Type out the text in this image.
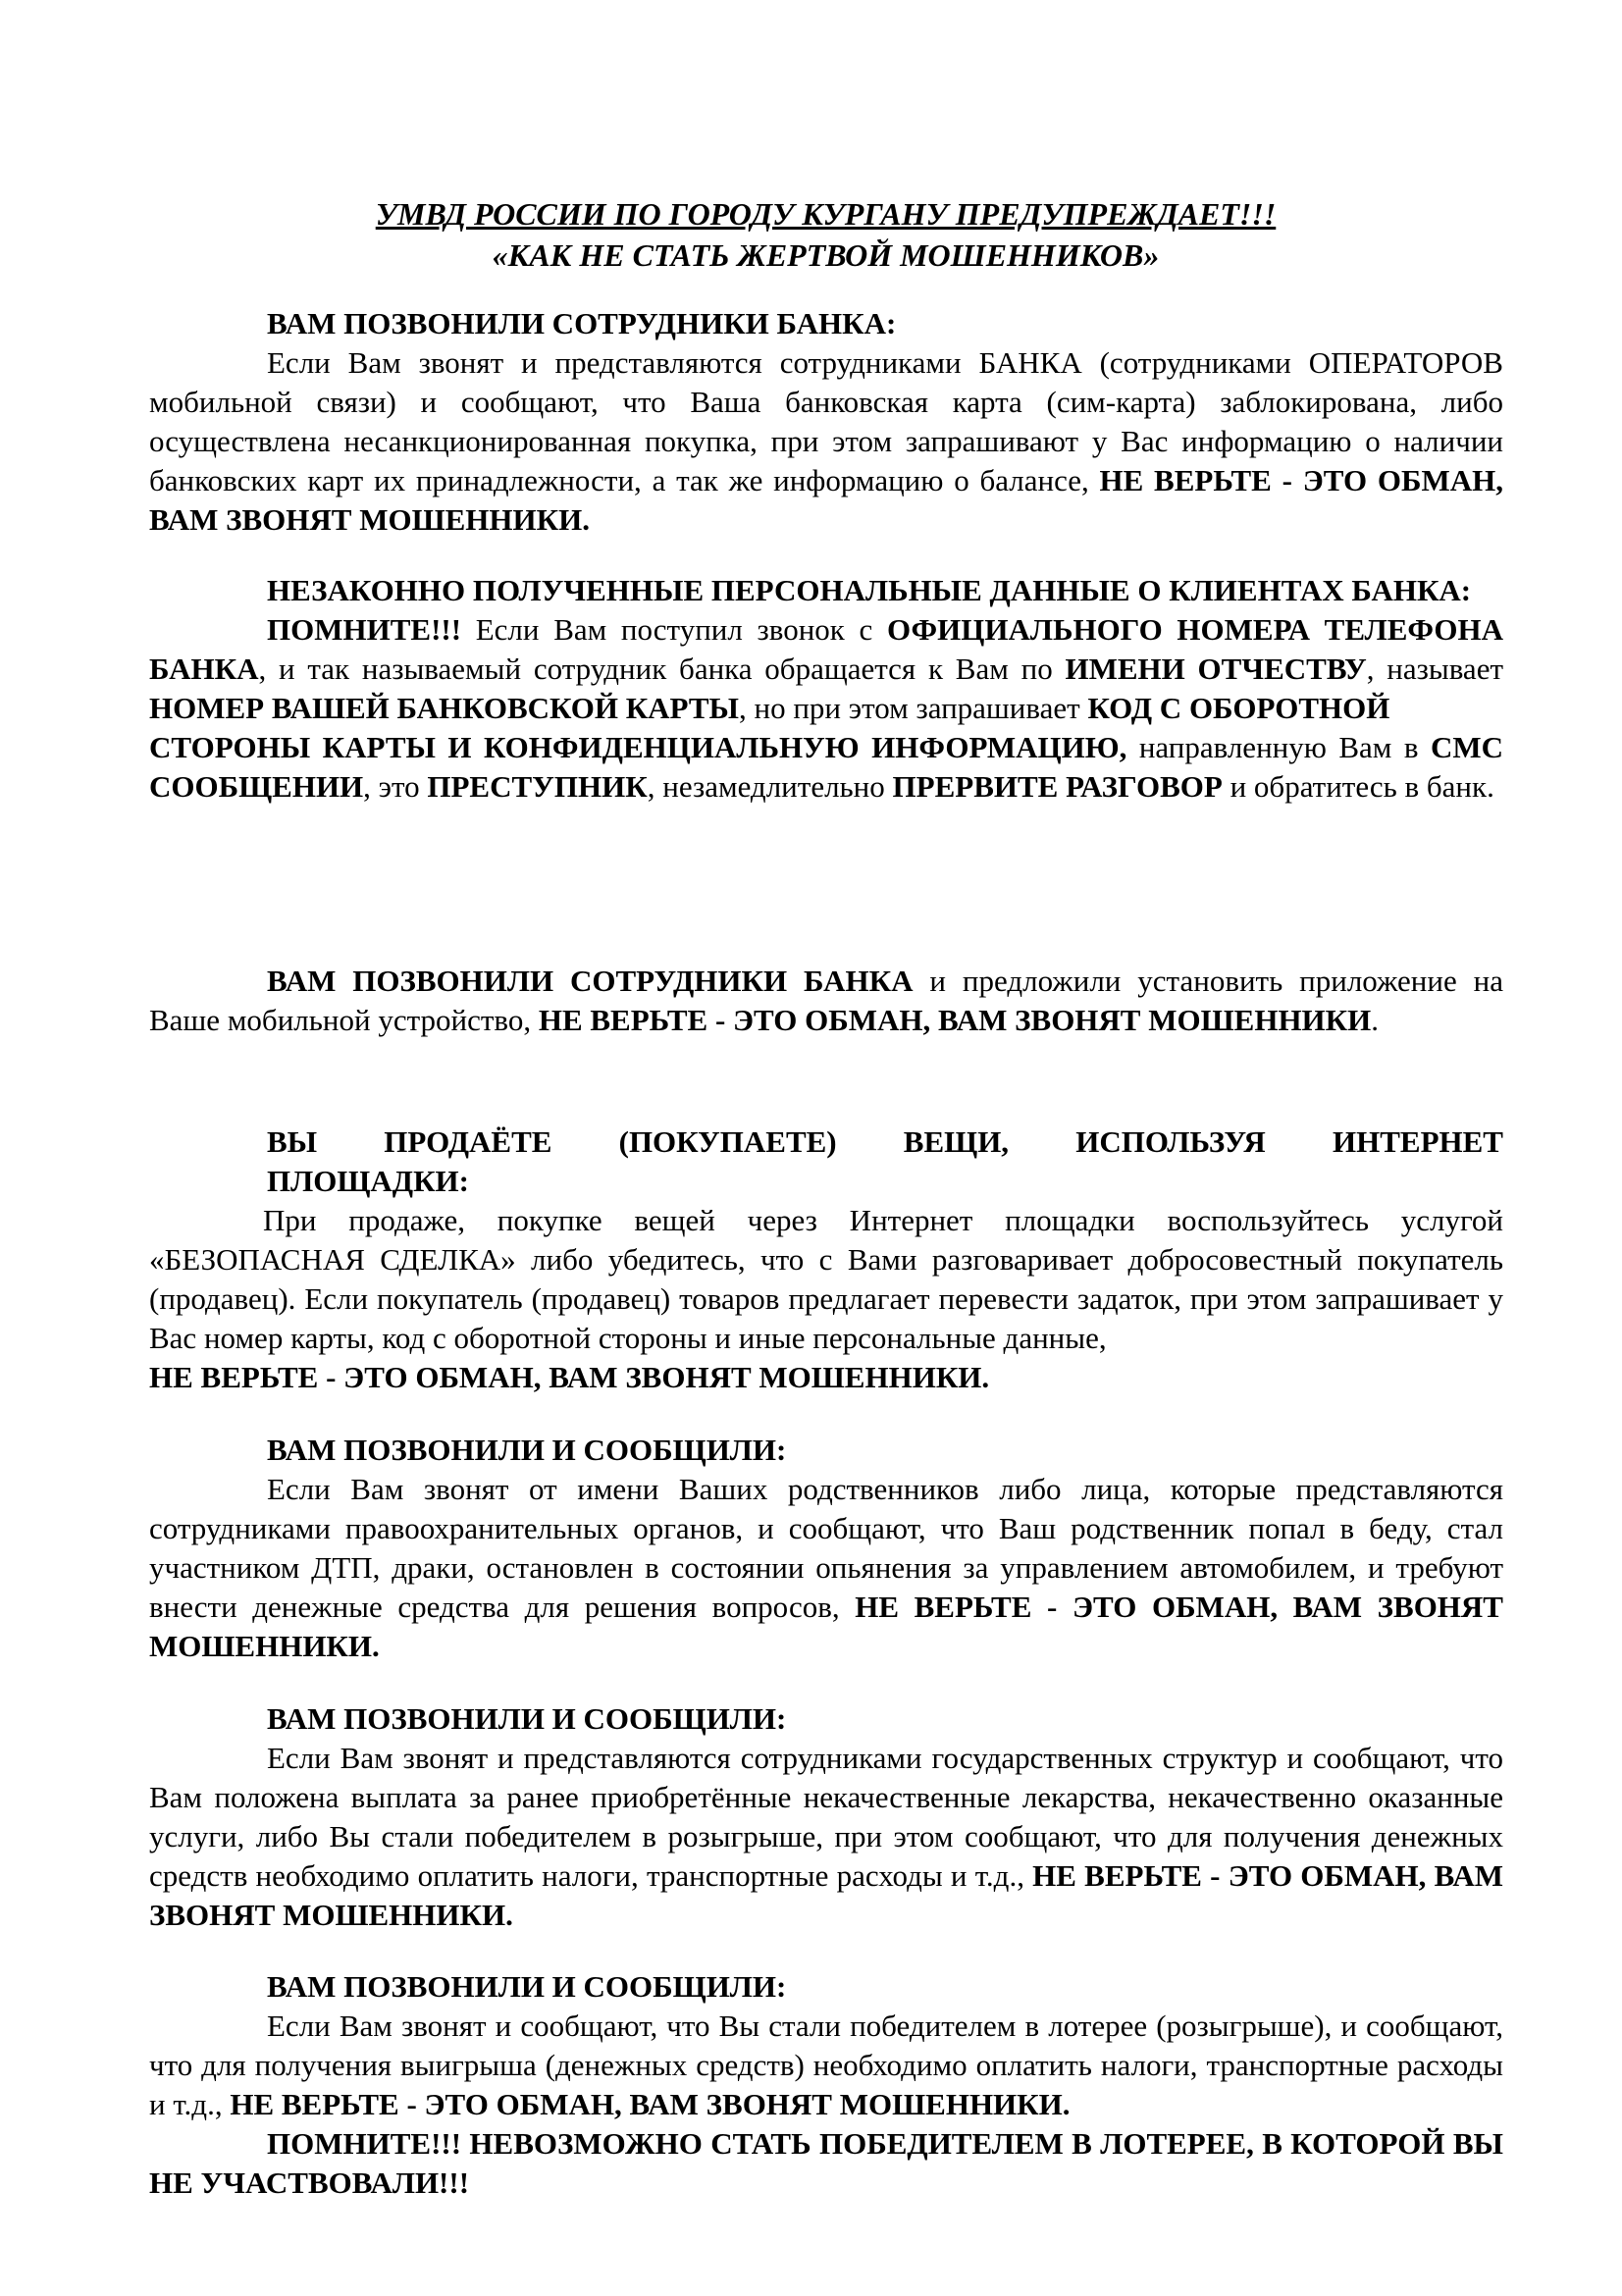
УМВД РОССИИ ПО ГОРОДУ КУРГАНУ ПРЕДУПРЕЖДАЕТ!!!
«КАК НЕ СТАТЬ ЖЕРТВОЙ МОШЕННИКОВ»

ВАМ ПОЗВОНИЛИ СОТРУДНИКИ БАНКА:

Если Вам звонят и представляются сотрудниками БАНКА (сотрудниками ОПЕРАТОРОВ мобильной связи) и сообщают, что Ваша банковская карта (сим-карта) заблокирована, либо осуществлена несанкционированная покупка, при этом запрашивают у Вас информацию о наличии банковских карт их принадлежности, а так же информацию о балансе, НЕ ВЕРЬТЕ - ЭТО ОБМАН, ВАМ ЗВОНЯТ МОШЕННИКИ.

НЕЗАКОННО ПОЛУЧЕННЫЕ ПЕРСОНАЛЬНЫЕ ДАННЫЕ О КЛИЕНТАХ БАНКА:

ПОМНИТЕ!!! Если Вам поступил звонок с ОФИЦИАЛЬНОГО НОМЕРА ТЕЛЕФОНА БАНКА, и так называемый сотрудник банка обращается к Вам по ИМЕНИ ОТЧЕСТВУ, называет НОМЕР ВАШЕЙ БАНКОВСКОЙ КАРТЫ, но при этом запрашивает КОД С ОБОРОТНОЙ

СТОРОНЫ КАРТЫ И КОНФИДЕНЦИАЛЬНУЮ ИНФОРМАЦИЮ, направленную Вам в СМС СООБЩЕНИИ, это ПРЕСТУПНИК, незамедлительно ПРЕРВИТЕ РАЗГОВОР и обратитесь в банк.

ВАМ ПОЗВОНИЛИ СОТРУДНИКИ БАНКА и предложили установить приложение на Ваше мобильной устройство, НЕ ВЕРЬТЕ - ЭТО ОБМАН, ВАМ ЗВОНЯТ МОШЕННИКИ.

ВЫ ПРОДАЁТЕ (ПОКУПАЕТЕ) ВЕЩИ, ИСПОЛЬЗУЯ ИНТЕРНЕТ

ПЛОЩАДКИ:

При продаже, покупке вещей через Интернет площадки воспользуйтесь услугой «БЕЗОПАСНАЯ СДЕЛКА» либо убедитесь, что с Вами разговаривает добросовестный покупатель (продавец). Если покупатель (продавец) товаров предлагает перевести задаток, при этом запрашивает у Вас номер карты, код с оборотной стороны и иные персональные данные,

НЕ ВЕРЬТЕ - ЭТО ОБМАН, ВАМ ЗВОНЯТ МОШЕННИКИ.

ВАМ ПОЗВОНИЛИ И СООБЩИЛИ:

Если Вам звонят от имени Ваших родственников либо лица, которые представляются сотрудниками правоохранительных органов, и сообщают, что Ваш родственник попал в беду, стал участником ДТП, драки, остановлен в состоянии опьянения за управлением автомобилем, и требуют внести денежные средства для решения вопросов, НЕ ВЕРЬТЕ - ЭТО ОБМАН, ВАМ ЗВОНЯТ МОШЕННИКИ.

ВАМ ПОЗВОНИЛИ И СООБЩИЛИ:

Если Вам звонят и представляются сотрудниками государственных структур и сообщают, что Вам положена выплата за ранее приобретённые некачественные лекарства, некачественно оказанные услуги, либо Вы стали победителем в розыгрыше, при этом сообщают, что для получения денежных средств необходимо оплатить налоги, транспортные расходы и т.д., НЕ ВЕРЬТЕ - ЭТО ОБМАН, ВАМ ЗВОНЯТ МОШЕННИКИ.

ВАМ ПОЗВОНИЛИ И СООБЩИЛИ:

Если Вам звонят и сообщают, что Вы стали победителем в лотерее (розыгрыше), и сообщают, что для получения выигрыша (денежных средств) необходимо оплатить налоги, транспортные расходы и т.д., НЕ ВЕРЬТЕ - ЭТО ОБМАН, ВАМ ЗВОНЯТ МОШЕННИКИ.

ПОМНИТЕ!!! НЕВОЗМОЖНО СТАТЬ ПОБЕДИТЕЛЕМ В ЛОТЕРЕЕ, В КОТОРОЙ ВЫ НЕ УЧАСТВОВАЛИ!!!
